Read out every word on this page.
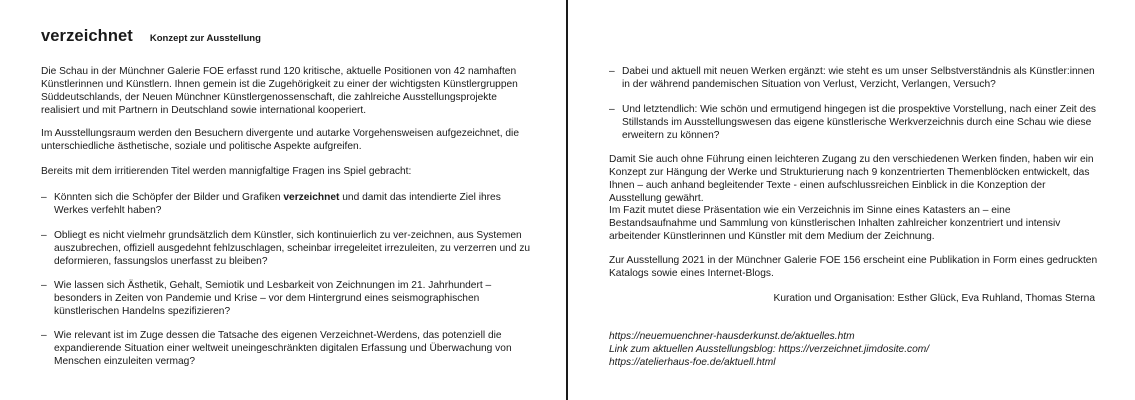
verzeichnet Konzept zur Ausstellung

Die Schau in der Münchner Galerie FOE erfasst rund 120 kritische, aktuelle Positionen von 42 namhaften Künstlerinnen und Künstlern. Ihnen gemein ist die Zugehörigkeit zu einer der wichtigsten Künstlergruppen Süddeutschlands, der Neuen Münchner Künstlergenossenschaft, die zahlreiche Ausstellungsprojekte realisiert und mit Partnern in Deutschland sowie international kooperiert.

Im Ausstellungsraum werden den Besuchern divergente und autarke Vorgehensweisen aufgezeichnet, die unterschiedliche ästhetische, soziale und politische Aspekte aufgreifen.

Bereits mit dem irritierenden Titel werden mannigfaltige Fragen ins Spiel gebracht:

– Könnten sich die Schöpfer der Bilder und Grafiken verzeichnet und damit das intendierte Ziel ihres Werkes verfehlt haben?

– Obliegt es nicht vielmehr grundsätzlich dem Künstler, sich kontinuierlich zu ver-zeichnen, aus Systemen auszubrechen, offiziell ausgedehnt fehlzuschlagen, scheinbar irregeleitet irrezuleiten, zu verzerren und zu deformieren, fassungslos unerfasst zu bleiben?

– Wie lassen sich Ästhetik, Gehalt, Semiotik und Lesbarkeit von Zeichnungen im 21. Jahrhundert – besonders in Zeiten von Pandemie und Krise – vor dem Hintergrund eines seismographischen künstlerischen Handelns spezifizieren?

– Wie relevant ist im Zuge dessen die Tatsache des eigenen Verzeichnet-Werdens, das potenziell die expandierende Situation einer weltweit uneingeschränkten digitalen Erfassung und Überwachung von Menschen einzuleiten vermag?

– Dabei und aktuell mit neuen Werken ergänzt: wie steht es um unser Selbstverständnis als Künstler:innen in der während pandemischen Situation von Verlust, Verzicht, Verlangen, Versuch?

– Und letztendlich: Wie schön und ermutigend hingegen ist die prospektive Vorstellung, nach einer Zeit des Stillstands im Ausstellungswesen das eigene künstlerische Werkverzeichnis durch eine Schau wie diese erweitern zu können?

Damit Sie auch ohne Führung einen leichteren Zugang zu den verschiedenen Werken finden, haben wir ein Konzept zur Hängung der Werke und Strukturierung nach 9 konzentrierten Themenblöcken entwickelt, das Ihnen – auch anhand begleitender Texte - einen aufschlussreichen Einblick in die Konzeption der Ausstellung gewährt.

Im Fazit mutet diese Präsentation wie ein Verzeichnis im Sinne eines Katasters an – eine Bestandsaufnahme und Sammlung von künstlerischen Inhalten zahlreicher konzentriert und intensiv arbeitender Künstlerinnen und Künstler mit dem Medium der Zeichnung.

Zur Ausstellung 2021 in der Münchner Galerie FOE 156 erscheint eine Publikation in Form eines gedruckten Katalogs sowie eines Internet-Blogs.

Kuration und Organisation: Esther Glück, Eva Ruhland, Thomas Sterna

https://neuemuenchner-hausderkunst.de/aktuelles.htm

Link zum aktuellen Ausstellungsblog: https://verzeichnet.jimdosite.com/

https://atelierhaus-foe.de/aktuell.html
